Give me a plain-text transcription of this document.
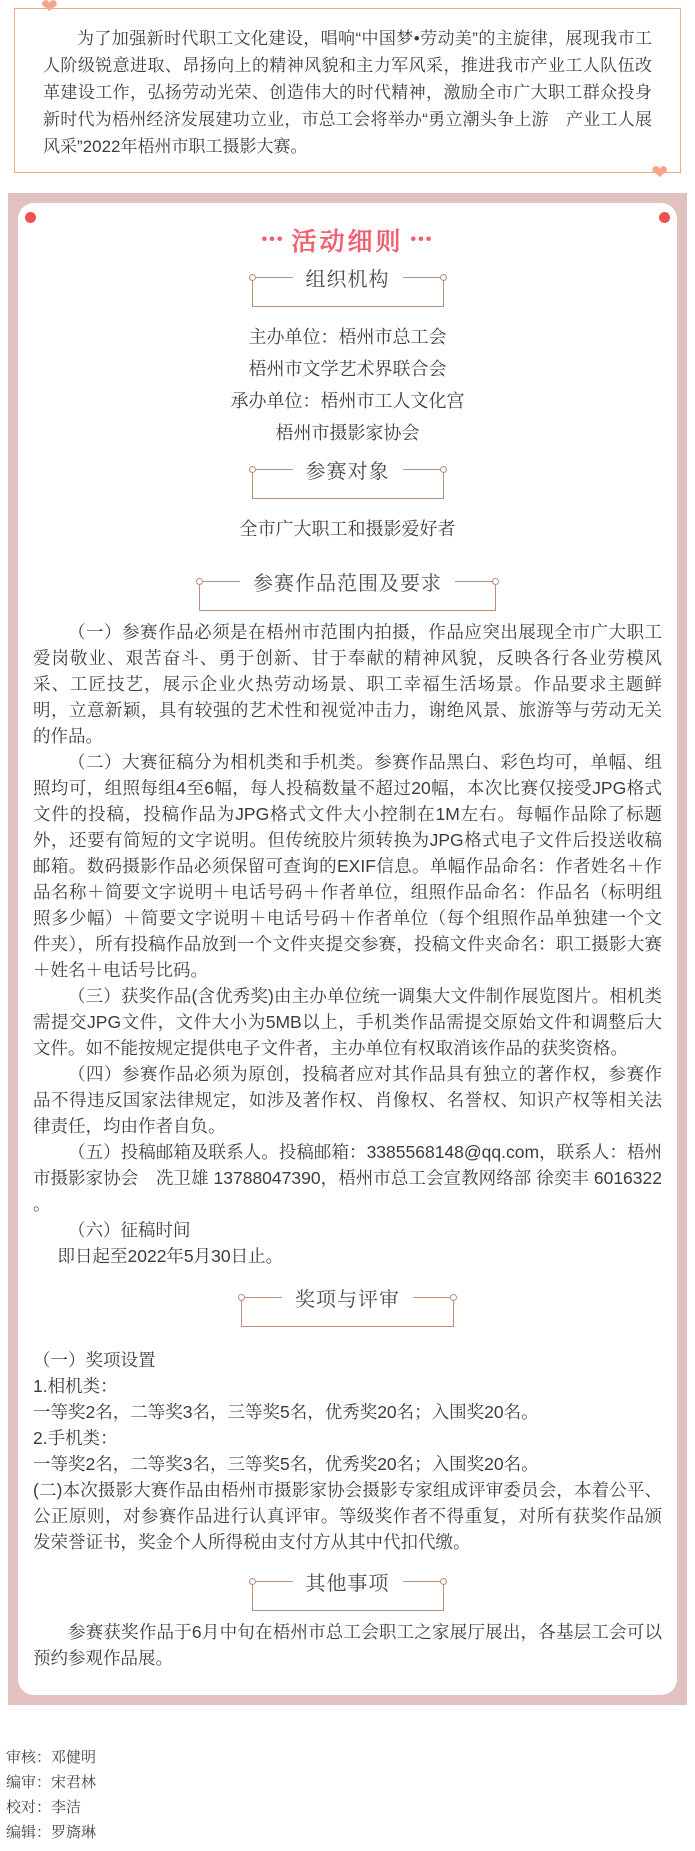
❤
❤

为了加强新时代职工文化建设，唱响“中国梦•劳动美”的主旋律，展现我市工人阶级锐意进取、昂扬向上的精神风貌和主力军风采，推进我市产业工人队伍改革建设工作，弘扬劳动光荣、创造伟大的时代精神，激励全市广大职工群众投身新时代为梧州经济发展建功立业，市总工会将举办“勇立潮头争上游　产业工人展风采”2022年梧州市职工摄影大赛。

••• 活动细则 •••
组织机构
主办单位：梧州市总工会
梧州市文学艺术界联合会
承办单位：梧州市工人文化宫
梧州市摄影家协会
参赛对象
全市广大职工和摄影爱好者
参赛作品范围及要求

（一）参赛作品必须是在梧州市范围内拍摄，作品应突出展现全市广大职工爱岗敬业、艰苦奋斗、勇于创新、甘于奉献的精神风貌，反映各行各业劳模风采、工匠技艺，展示企业火热劳动场景、职工幸福生活场景。作品要求主题鲜明，立意新颖，具有较强的艺术性和视觉冲击力，谢绝风景、旅游等与劳动无关的作品。

（二）大赛征稿分为相机类和手机类。参赛作品黑白、彩色均可，单幅、组照均可，组照每组4至6幅，每人投稿数量不超过20幅，本次比赛仅接受JPG格式文件的投稿，投稿作品为JPG格式文件大小控制在1M左右。每幅作品除了标题外，还要有简短的文字说明。但传统胶片须转换为JPG格式电子文件后投送收稿邮箱。数码摄影作品必须保留可查询的EXIF信息。单幅作品命名：作者姓名＋作品名称＋简要文字说明＋电话号码＋作者单位，组照作品命名：作品名（标明组照多少幅）＋简要文字说明＋电话号码＋作者单位（每个组照作品单独建一个文件夹），所有投稿作品放到一个文件夹提交参赛，投稿文件夹命名：职工摄影大赛＋姓名＋电话号比码。

（三）获奖作品(含优秀奖)由主办单位统一调集大文件制作展览图片。相机类需提交JPG文件，文件大小为5MB以上，手机类作品需提交原始文件和调整后大文件。如不能按规定提供电子文件者，主办单位有权取消该作品的获奖资格。

（四）参赛作品必须为原创，投稿者应对其作品具有独立的著作权，参赛作品不得违反国家法律规定，如涉及著作权、肖像权、名誉权、知识产权等相关法律责任，均由作者自负。

（五）投稿邮箱及联系人。投稿邮箱：3385568148@qq.com，联系人：梧州市摄影家协会　冼卫雄 13788047390，梧州市总工会宣教网络部 徐奕丰 6016322 。

（六）征稿时间

即日起至2022年5月30日止。

奖项与评审
（一）奖项设置
1.相机类：
一等奖2名，二等奖3名，三等奖5名，优秀奖20名；入围奖20名。
2.手机类：
一等奖2名，二等奖3名，三等奖5名，优秀奖20名；入围奖20名。
(二)本次摄影大赛作品由梧州市摄影家协会摄影专家组成评审委员会，本着公平、公正原则，对参赛作品进行认真评审。等级奖作者不得重复，对所有获奖作品颁发荣誉证书，奖金个人所得税由支付方从其中代扣代缴。
其他事项

参赛获奖作品于6月中旬在梧州市总工会职工之家展厅展出，各基层工会可以预约参观作品展。

审核：邓健明
编审：宋君林
校对：李洁
编辑：罗旖琳
